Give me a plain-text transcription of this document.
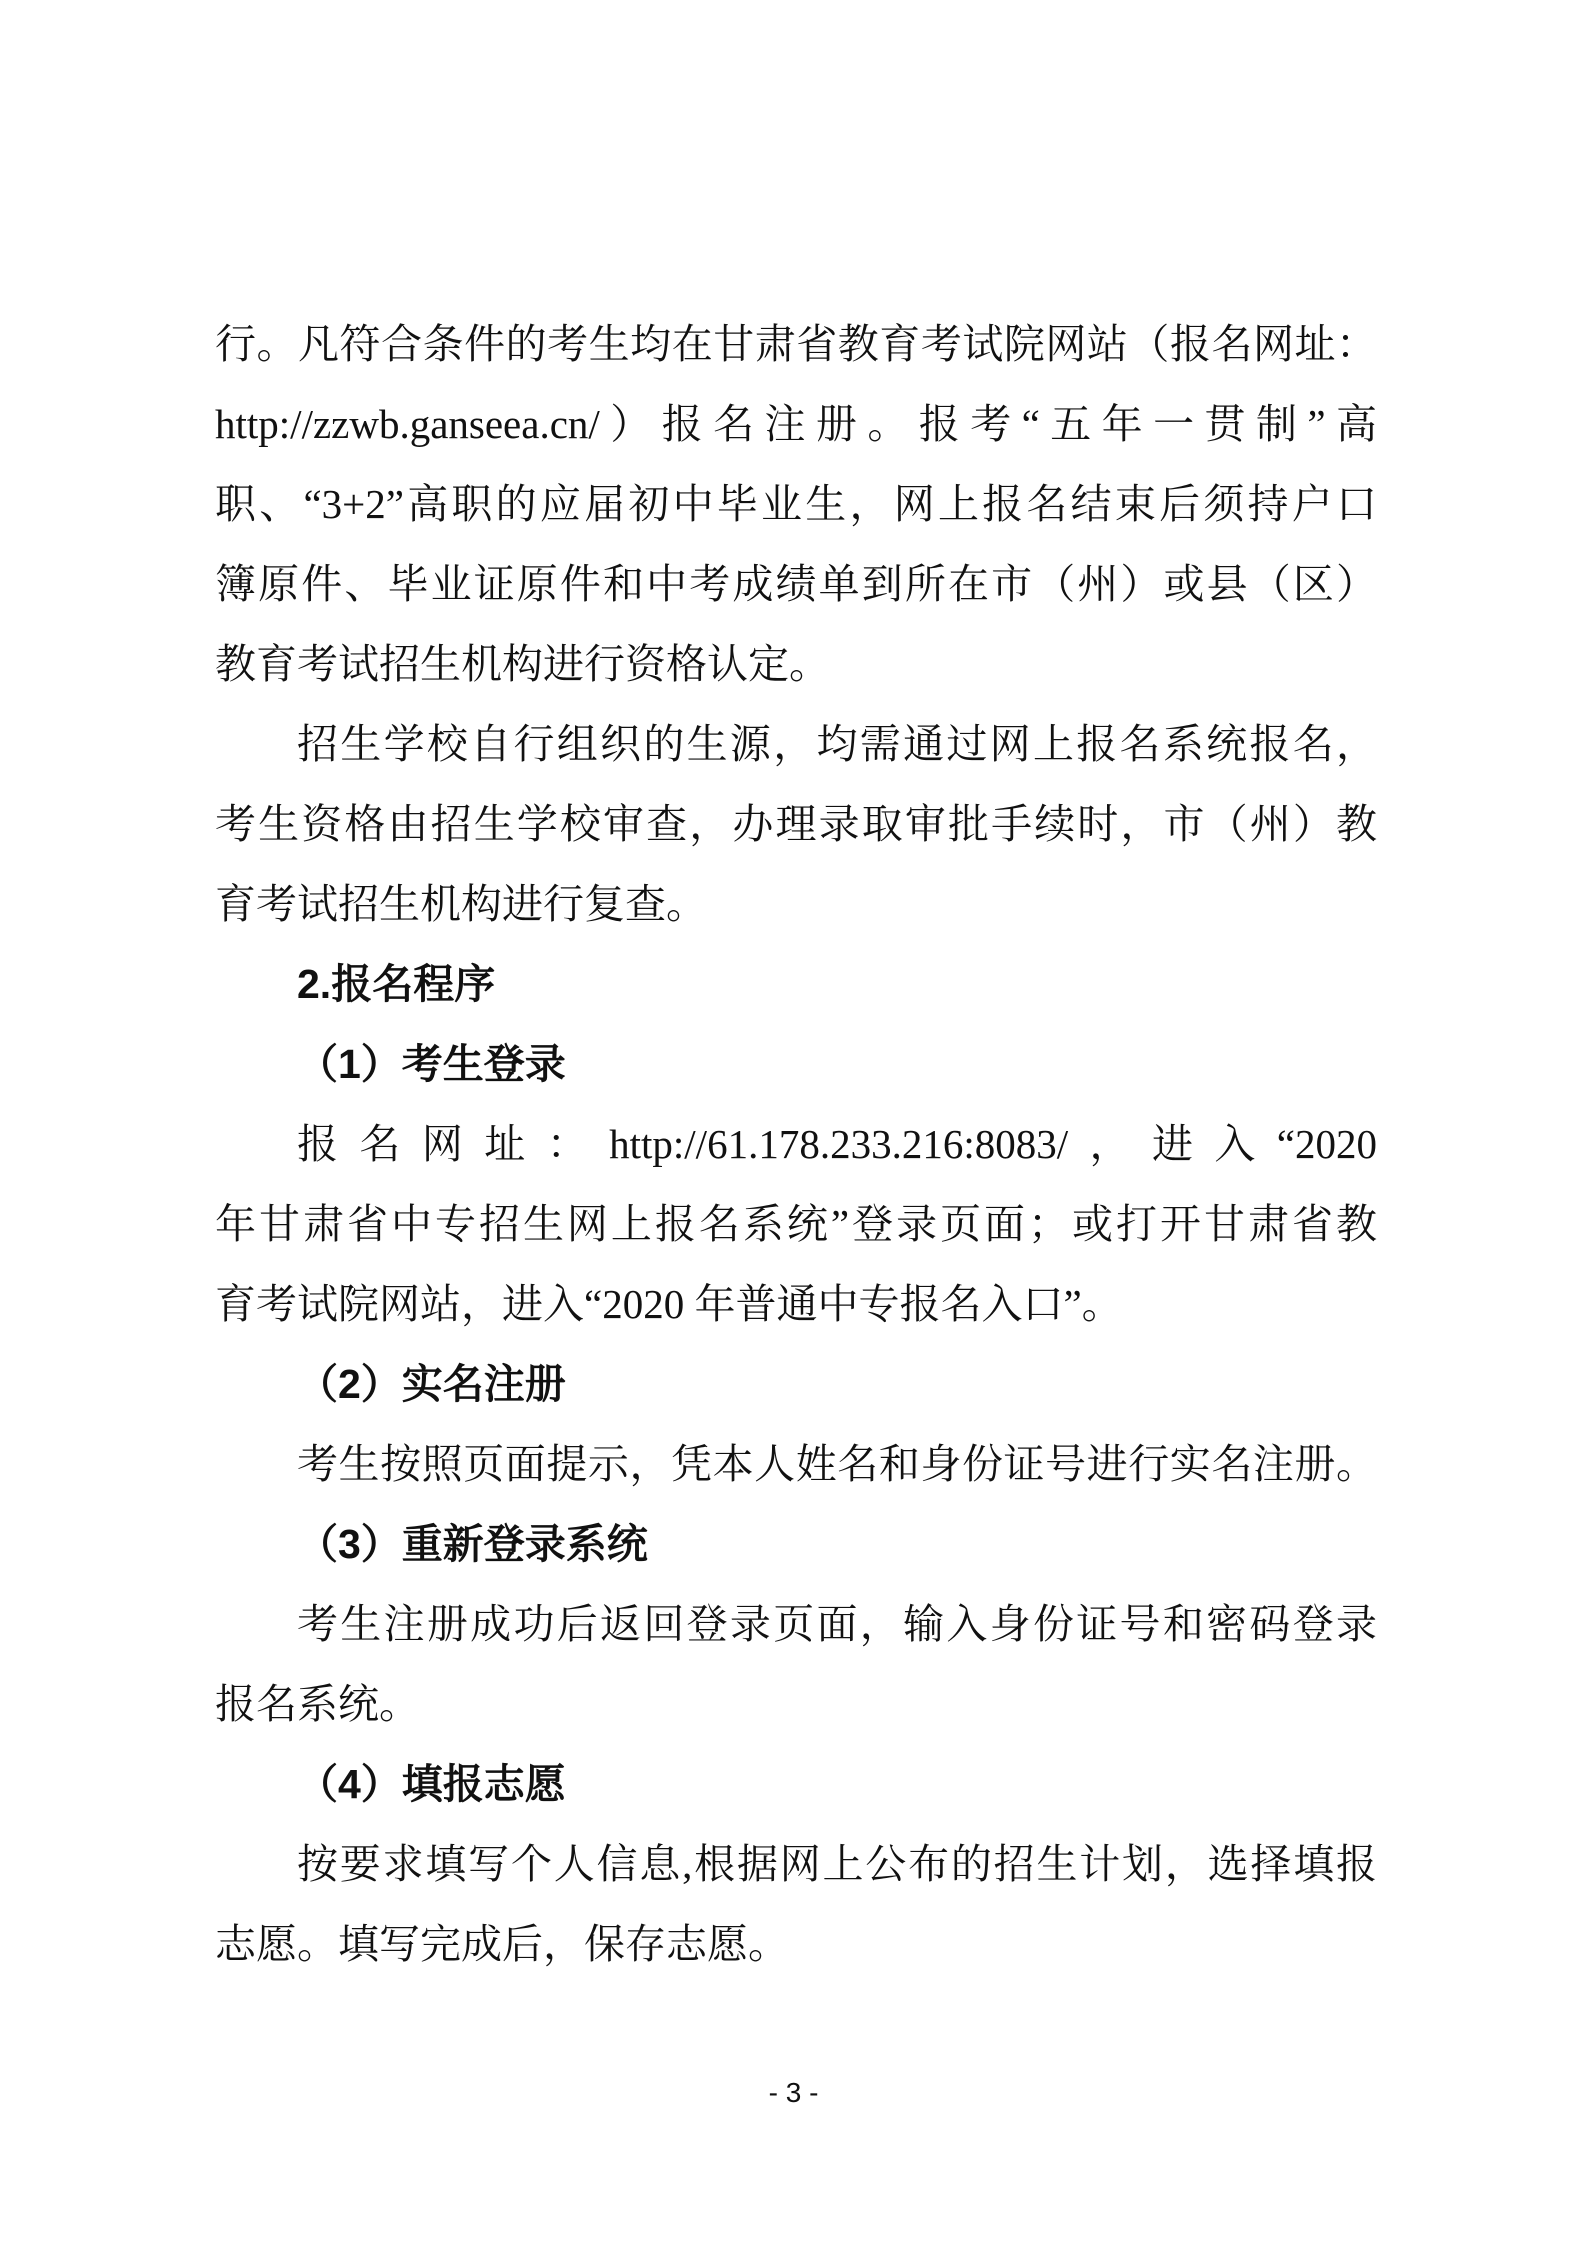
行。凡符合条件的考生均在甘肃省教育考试院网站（报名网址：
http://zzwb.ganseea.cn/）报名注册。报考“五年一贯制”高
职、“3+2”高职的应届初中毕业生，网上报名结束后须持户口
簿原件、毕业证原件和中考成绩单到所在市（州）或县（区）
教育考试招生机构进行资格认定。
招生学校自行组织的生源，均需通过网上报名系统报名，
考生资格由招生学校审查，办理录取审批手续时，市（州）教
育考试招生机构进行复查。
2.报名程序
（1）考生登录
报名网址：http://61.178.233.216:8083/，进入“2020
年甘肃省中专招生网上报名系统”登录页面；或打开甘肃省教
育考试院网站，进入“2020 年普通中专报名入口”。
（2）实名注册
考生按照页面提示，凭本人姓名和身份证号进行实名注册。
（3）重新登录系统
考生注册成功后返回登录页面，输入身份证号和密码登录
报名系统。
（4）填报志愿
按要求填写个人信息,根据网上公布的招生计划，选择填报
志愿。填写完成后，保存志愿。
- 3 -
